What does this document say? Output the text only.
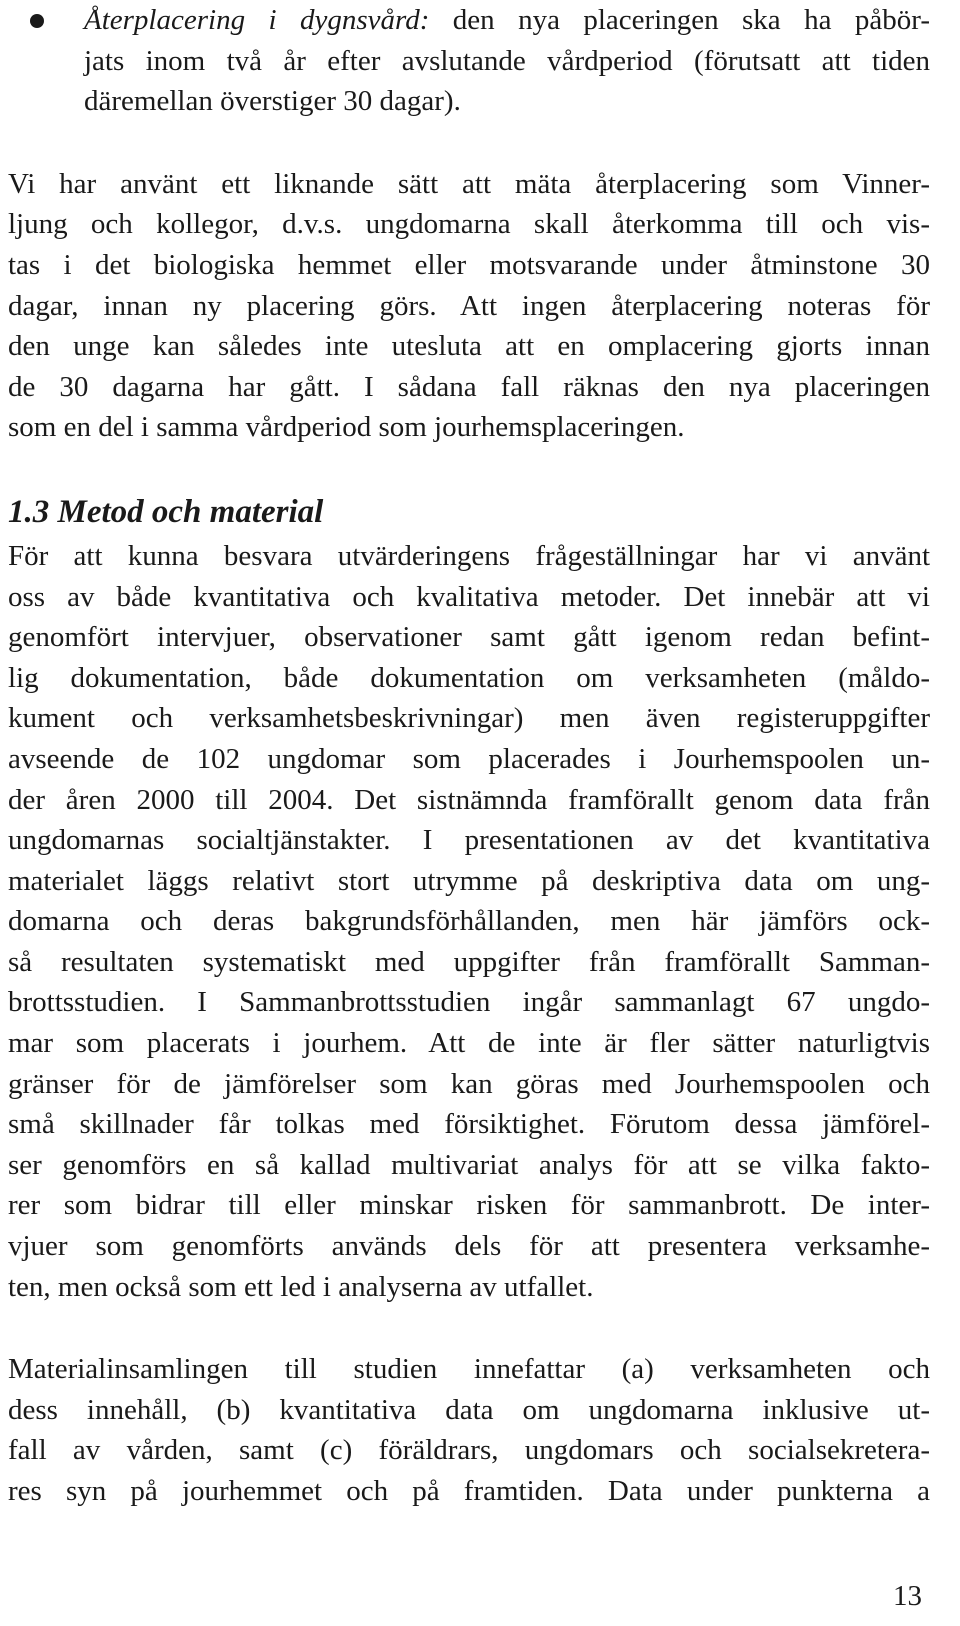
Återplacering i dygnsvård: den nya placeringen ska ha påbör-
jats inom två år efter avslutande vårdperiod (förutsatt att tiden
däremellan överstiger 30 dagar).
Vi har använt ett liknande sätt att mäta återplacering som Vinner-
ljung och kollegor, d.v.s. ungdomarna skall återkomma till och vis-
tas i det biologiska hemmet eller motsvarande under åtminstone 30
dagar, innan ny placering görs. Att ingen återplacering noteras för
den unge kan således inte utesluta att en omplacering gjorts innan
de 30 dagarna har gått. I sådana fall räknas den nya placeringen
som en del i samma vårdperiod som jourhemsplaceringen.
1.3 Metod och material
För att kunna besvara utvärderingens frågeställningar har vi använt
oss av både kvantitativa och kvalitativa metoder. Det innebär att vi
genomfört intervjuer, observationer samt gått igenom redan befint-
lig dokumentation, både dokumentation om verksamheten (måldo-
kument och verksamhetsbeskrivningar) men även registeruppgifter
avseende de 102 ungdomar som placerades i Jourhemspoolen un-
der åren 2000 till 2004. Det sistnämnda framförallt genom data från
ungdomarnas socialtjänstakter. I presentationen av det kvantitativa
materialet läggs relativt stort utrymme på deskriptiva data om ung-
domarna och deras bakgrundsförhållanden, men här jämförs ock-
så resultaten systematiskt med uppgifter från framförallt Samman-
brottsstudien. I Sammanbrottsstudien ingår sammanlagt 67 ungdo-
mar som placerats i jourhem. Att de inte är fler sätter naturligtvis
gränser för de jämförelser som kan göras med Jourhemspoolen och
små skillnader får tolkas med försiktighet. Förutom dessa jämförel-
ser genomförs en så kallad multivariat analys för att se vilka fakto-
rer som bidrar till eller minskar risken för sammanbrott. De inter-
vjuer som genomförts används dels för att presentera verksamhe-
ten, men också som ett led i analyserna av utfallet.
Materialinsamlingen till studien innefattar (a) verksamheten och
dess innehåll, (b) kvantitativa data om ungdomarna inklusive ut-
fall av vården, samt (c) föräldrars, ungdomars och socialsekretera-
res syn på jourhemmet och på framtiden. Data under punkterna a
13
